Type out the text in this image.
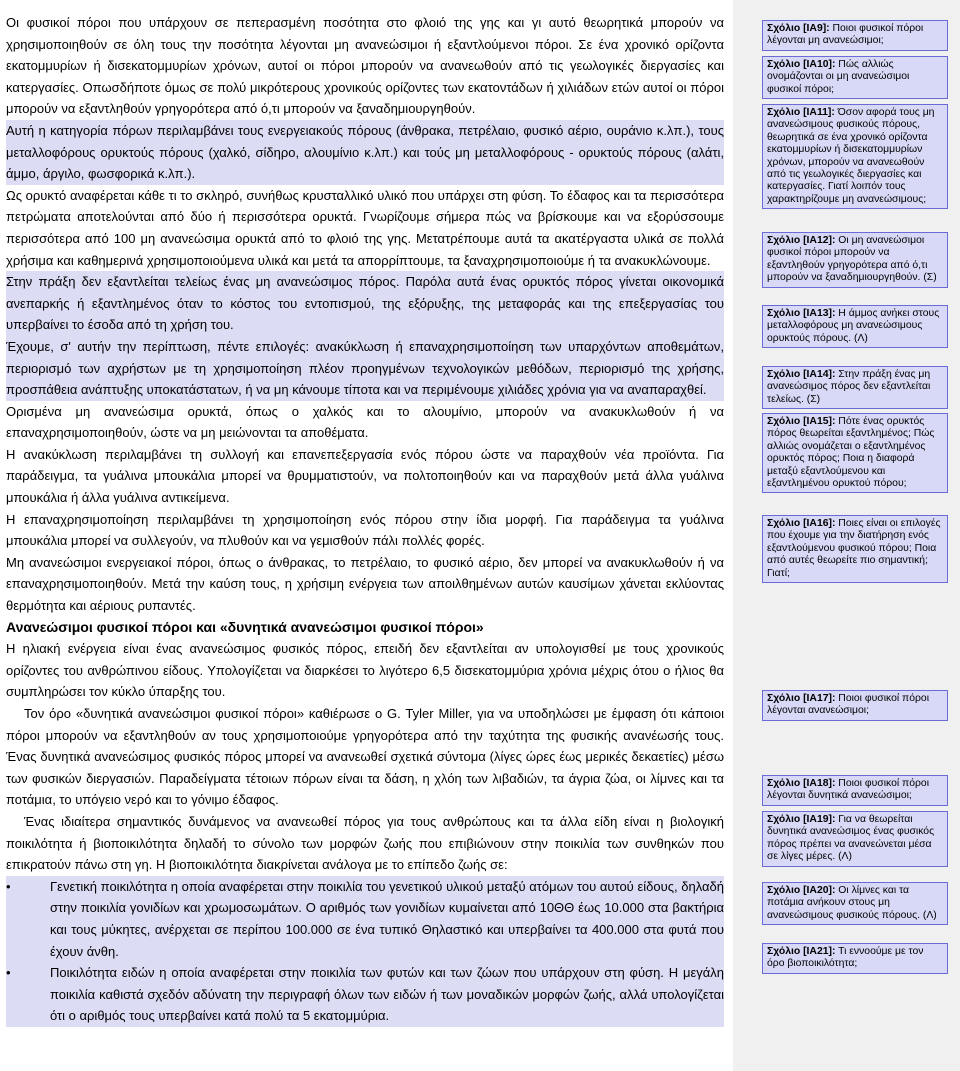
Οι φυσικοί πόροι που υπάρχουν σε πεπερασμένη ποσότητα στο φλοιό της γης και γι αυτό θεωρητικά μπορούν να χρησιμοποιηθούν σε όλη τους την ποσότητα λέγονται μη ανανεώσιμοι ή εξαντλούμενοι πόροι. Σε ένα χρονικό ορίζοντα εκατομμυρίων ή δισεκατομμυρίων χρόνων, αυτοί οι πόροι μπορούν να ανανεωθούν από τις γεωλογικές διεργασίες και κατεργασίες. Οπωσδήποτε όμως σε πολύ μικρότερους χρονικούς ορίζοντες των εκατοντάδων ή χιλιάδων ετών αυτοί οι πόροι μπορούν να εξαντληθούν γρηγορότερα από ό,τι μπορούν να ξαναδημιουργηθούν.

Αυτή η κατηγορία πόρων περιλαμβάνει τους ενεργειακούς πόρους (άνθρακα, πετρέλαιο, φυσικό αέριο, ουράνιο κ.λπ.), τους μεταλλοφόρους ορυκτούς πόρους (χαλκό, σίδηρο, αλουμίνιο κ.λπ.) και τούς μη μεταλλοφόρους - ορυκτούς πόρους (αλάτι, άμμο, άργιλο, φωσφορικά κ.λπ.).

Ως ορυκτό αναφέρεται κάθε τι το σκληρό, συνήθως κρυσταλλικό υλικό που υπάρχει στη φύση. Το έδαφος και τα περισσότερα πετρώματα αποτελούνται από δύο ή περισσότερα ορυκτά. Γνωρίζουμε σήμερα πώς να βρίσκουμε και να εξορύσσουμε περισσότερα από 100 μη ανανεώσιμα ορυκτά από το φλοιό της γης. Μετατρέπουμε αυτά τα ακατέργαστα υλικά σε πολλά χρήσιμα και καθημερινά χρησιμοποιούμενα υλικά και μετά τα απορρίπτουμε, τα ξαναχρησιμοποιούμε ή τα ανακυκλώνουμε.

Στην πράξη δεν εξαντλείται τελείως ένας μη ανανεώσιμος πόρος. Παρόλα αυτά ένας ορυκτός πόρος γίνεται οικονομικά ανεπαρκής ή εξαντλημένος όταν το κόστος του εντοπισμού, της εξόρυξης, της μεταφοράς και της επεξεργασίας του υπερβαίνει το έσοδα από τη χρήση του.

Έχουμε, σ' αυτήν την περίπτωση, πέντε επιλογές: ανακύκλωση ή επαναχρησιμοποίηση των υπαρχόντων αποθεμάτων, περιορισμό των αχρήστων με τη χρησιμοποίηση πλέον προηγμένων τεχνολογικών μεθόδων, περιορισμό της χρήσης, προσπάθεια ανάπτυξης υποκατάστατων, ή να μη κάνουμε τίποτα και να περιμένουμε χιλιάδες χρόνια για να αναπαραχθεί.

Ορισμένα μη ανανεώσιμα ορυκτά, όπως ο χαλκός και το αλουμίνιο, μπορούν να ανακυκλωθούν ή να επαναχρησιμοποιηθούν, ώστε να μη μειώνονται τα αποθέματα.

Η ανακύκλωση περιλαμβάνει τη συλλογή και επανεπεξεργασία ενός πόρου ώστε να παραχθούν νέα προϊόντα. Για παράδειγμα, τα γυάλινα μπουκάλια μπορεί να θρυμματιστούν, να πολτοποιηθούν και να παραχθούν μετά άλλα γυάλινα μπουκάλια ή άλλα γυάλινα αντικείμενα.

Η επαναχρησιμοποίηση περιλαμβάνει τη χρησιμοποίηση ενός πόρου στην ίδια μορφή. Για παράδειγμα τα γυάλινα μπουκάλια μπορεί να συλλεγούν, να πλυθούν και να γεμισθούν πάλι πολλές φορές.

Μη ανανεώσιμοι ενεργειακοί πόροι, όπως ο άνθρακας, το πετρέλαιο, το φυσικό αέριο, δεν μπορεί να ανακυκλωθούν ή να επαναχρησιμοποιηθούν. Μετά την καύση τους, η χρήσιμη ενέργεια των αποιλθημένων αυτών καυσίμων χάνεται εκλύοντας θερμότητα και αέριους ρυπαντές.

Ανανεώσιμοι φυσικοί πόροι και «δυνητικά ανανεώσιμοι φυσικοί πόροι»

Η ηλιακή ενέργεια είναι ένας ανανεώσιμος φυσικός πόρος, επειδή δεν εξαντλείται αν υπολογισθεί με τους χρονικούς ορίζοντες του ανθρώπινου είδους. Υπολογίζεται να διαρκέσει το λιγότερο 6,5 δισεκατομμύρια χρόνια μέχρις ότου ο ήλιος θα συμπληρώσει τον κύκλο ύπαρξης του.

Τον όρο «δυνητικά ανανεώσιμοι φυσικοί πόροι» καθιέρωσε ο G. Tyler Miller, για να υποδηλώσει με έμφαση ότι κάποιοι πόροι μπορούν να εξαντληθούν αν τους χρησιμοποιούμε γρηγορότερα από την ταχύτητα της φυσικής ανανέωσής τους. Ένας δυνητικά ανανεώσιμος φυσικός πόρος μπορεί να ανανεωθεί σχετικά σύντομα (λίγες ώρες έως μερικές δεκαετίες) μέσω των φυσικών διεργασιών. Παραδείγματα τέτοιων πόρων είναι τα δάση, η χλόη των λιβαδιών, τα άγρια ζώα, οι λίμνες και τα ποτάμια, το υπόγειο νερό και το γόνιμο έδαφος.

Ένας ιδιαίτερα σημαντικός δυνάμενος να ανανεωθεί πόρος για τους ανθρώπους και τα άλλα είδη είναι η βιολογική ποικιλότητα ή βιοποικιλότητα δηλαδή το σύνολο των μορφών ζωής που επιβιώνουν στην ποικιλία των συνθηκών που επικρατούν πάνω στη γη. Η βιοποικιλότητα διακρίνεται ανάλογα με το επίπεδο ζωής σε:

• Γενετική ποικιλότητα η οποία αναφέρεται στην ποικιλία του γενετικού υλικού μεταξύ ατόμων του αυτού είδους, δηλαδή στην ποικιλία γονιδίων και χρωμοσωμάτων. Ο αριθμός των γονιδίων κυμαίνεται από 10ΘΘ έως 10.000 στα βακτήρια και τους μύκητες, ανέρχεται σε περίπου 100.000 σε ένα τυπικό Θηλαστικό και υπερβαίνει τα 400.000 στα φυτά που έχουν άνθη.
• Ποικιλότητα ειδών η οποία αναφέρεται στην ποικιλία των φυτών και των ζώων που υπάρχουν στη φύση. Η μεγάλη ποικιλία καθιστά σχεδόν αδύνατη την περιγραφή όλων των ειδών ή των μοναδικών μορφών ζωής, αλλά υπολογίζεται ότι ο αριθμός τους υπερβαίνει κατά πολύ τα 5 εκατομμύρια.
Σχόλιο [IA9]: Ποιοι φυσικοί πόροι λέγονται μη ανανεώσιμοι;
Σχόλιο [IA10]: Πώς αλλιώς ονομάζονται οι μη ανανεώσιμοι φυσικοί πόροι;
Σχόλιο [IA11]: Όσον αφορά τους μη ανανεώσιμους φυσικούς πόρους, θεωρητικά σε ένα χρονικό ορίζοντα εκατομμυρίων ή δισεκατομμυρίων χρόνων, μπορούν να ανανεωθούν από τις γεωλογικές διεργασίες και κατεργασίες. Γιατί λοιπόν τους χαρακτηρίζουμε μη ανανεώσιμους;
Σχόλιο [IA12]: Οι μη ανανεώσιμοι φυσικοί πόροι μπορούν να εξαντληθούν γρηγορότερα από ό,τι μπορούν να ξαναδημιουργηθούν. (Σ)
Σχόλιο [IA13]: Η άμμος ανήκει στους μεταλλοφόρους μη ανανεώσιμους ορυκτούς πόρους. (Λ)
Σχόλιο [IA14]: Στην πράξη ένας μη ανανεώσιμος πόρος δεν εξαντλείται τελείως. (Σ)
Σχόλιο [IA15]: Πότε ένας ορυκτός πόρος θεωρείται εξαντλημένος; Πώς αλλιώς ονομάζεται ο εξαντλημένος ορυκτός πόρος; Ποια η διαφορά μεταξύ εξαντλούμενου και εξαντλημένου ορυκτού πόρου;
Σχόλιο [IA16]: Ποιες είναι οι επιλογές που έχουμε για την διατήρηση ενός εξαντλούμενου φυσικού πόρου; Ποια από αυτές θεωρείτε πιο σημαντική; Γιατί;
Σχόλιο [IA17]: Ποιοι φυσικοί πόροι λέγονται ανανεώσιμοι;
Σχόλιο [IA18]: Ποιοι φυσικοί πόροι λέγονται δυνητικά ανανεώσιμοι;
Σχόλιο [IA19]: Για να θεωρείται δυνητικά ανανεώσιμος ένας φυσικός πόρος πρέπει να ανανεώνεται μέσα σε λίγες μέρες. (Λ)
Σχόλιο [IA20]: Οι λίμνες και τα ποτάμια ανήκουν στους μη ανανεώσιμους φυσικούς πόρους. (Λ)
Σχόλιο [IA21]: Τι εννοούμε με τον όρο βιοποικιλότητα;
